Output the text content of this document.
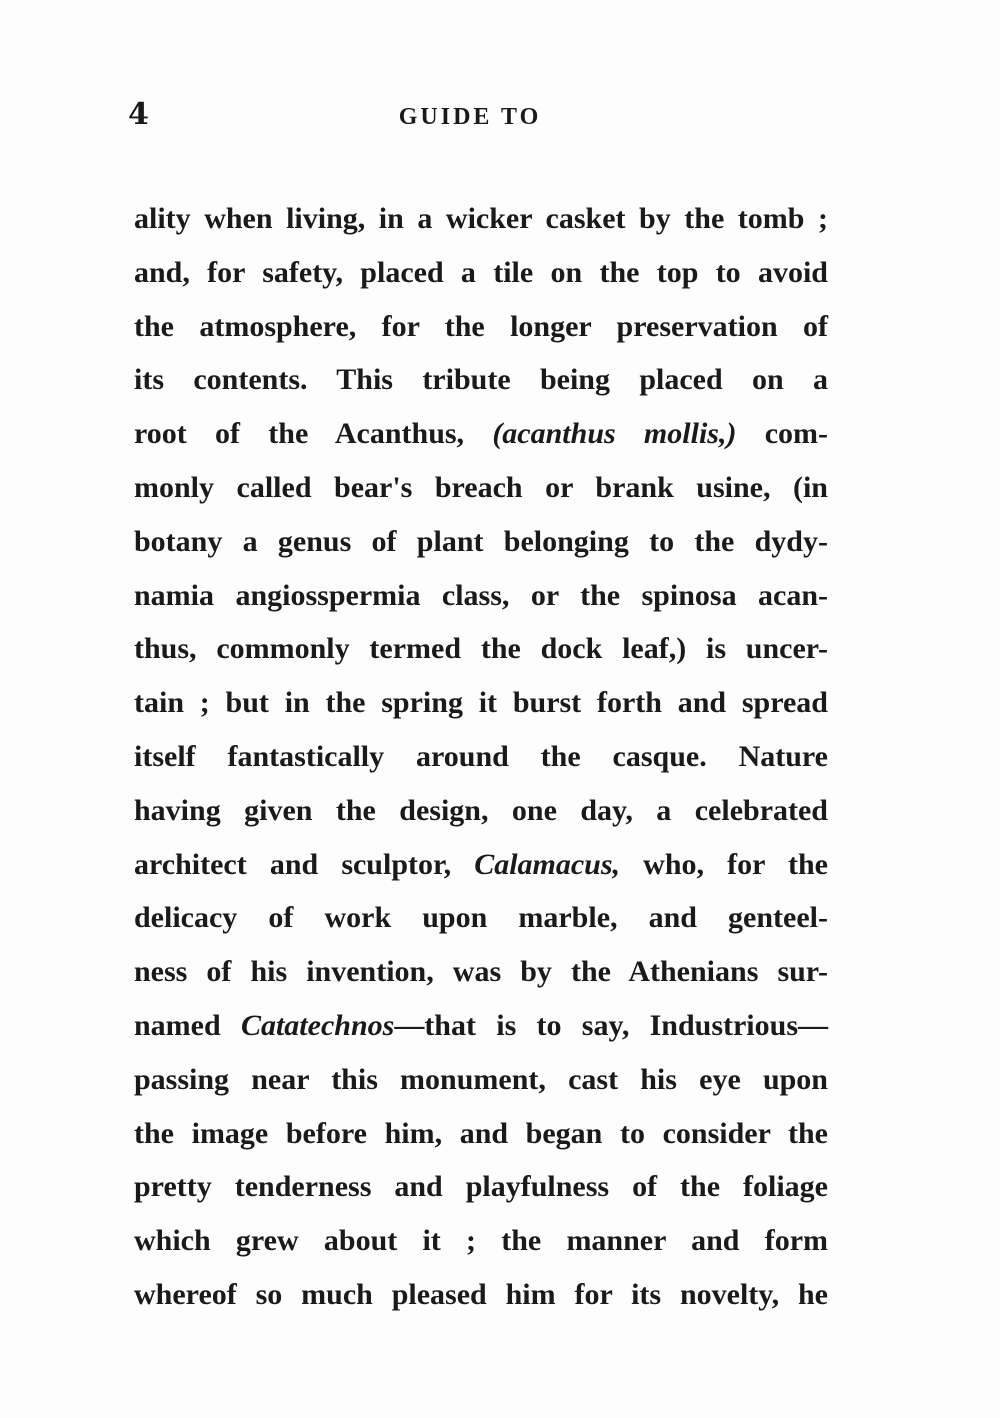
4	GUIDE TO
ality when living, in a wicker casket by the tomb ;
and, for safety, placed a tile on the top to avoid
the atmosphere, for the longer preservation of
its contents. This tribute being placed on a
root of the Acanthus, (acanthus mollis,) com-
monly called bear's breach or brank usine, (in
botany a genus of plant belonging to the dydy-
namia angiosspermia class, or the spinosa acan-
thus, commonly termed the dock leaf,) is uncer-
tain ; but in the spring it burst forth and spread
itself fantastically around the casque. Nature
having given the design, one day, a celebrated
architect and sculptor, Calamacus, who, for the
delicacy of work upon marble, and genteel-
ness of his invention, was by the Athenians sur-
named Catatechnos—that is to say, Industrious—
passing near this monument, cast his eye upon
the image before him, and began to consider the
pretty tenderness and playfulness of the foliage
which grew about it ; the manner and form
whereof so much pleased him for its novelty, he
